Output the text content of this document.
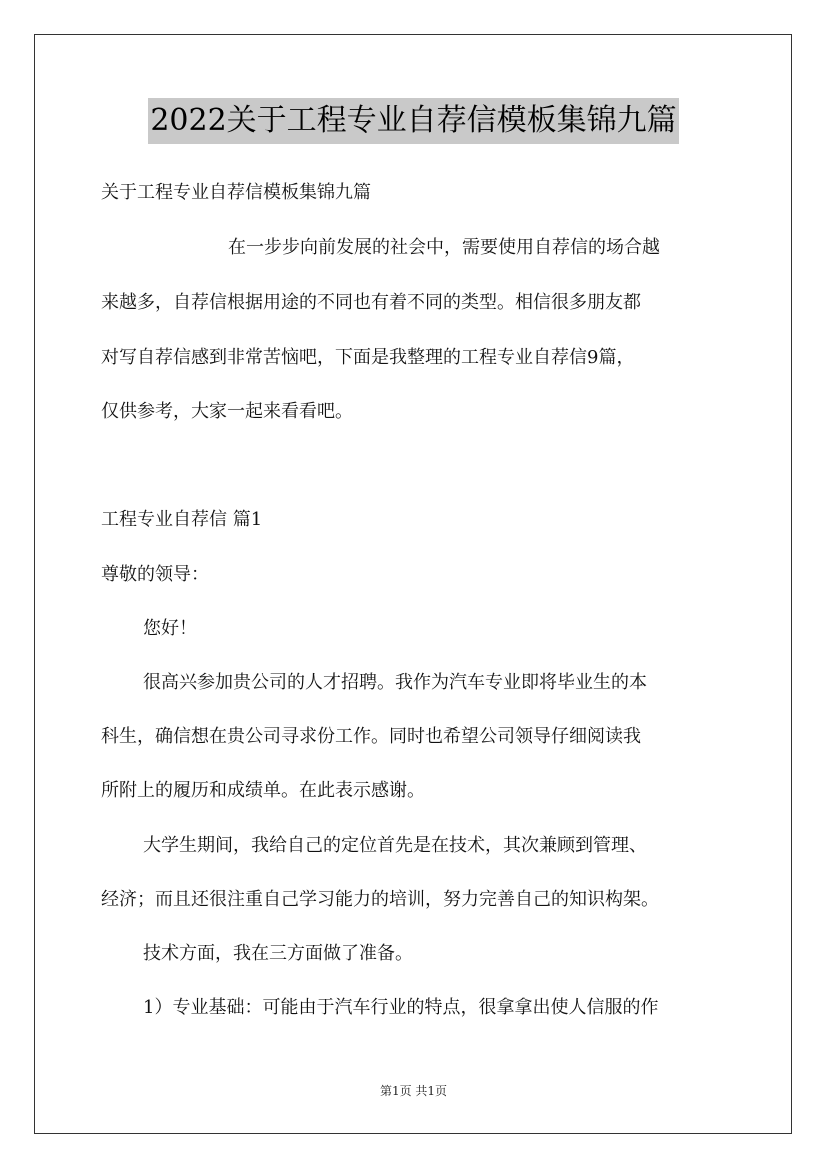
2022关于工程专业自荐信模板集锦九篇
关于工程专业自荐信模板集锦九篇
在一步步向前发展的社会中，需要使用自荐信的场合越
来越多，自荐信根据用途的不同也有着不同的类型。相信很多朋友都
对写自荐信感到非常苦恼吧，下面是我整理的工程专业自荐信9篇，
仅供参考，大家一起来看看吧。
工程专业自荐信 篇1
尊敬的领导：
您好！
很高兴参加贵公司的人才招聘。我作为汽车专业即将毕业生的本
科生，确信想在贵公司寻求份工作。同时也希望公司领导仔细阅读我
所附上的履历和成绩单。在此表示感谢。
大学生期间，我给自己的定位首先是在技术，其次兼顾到管理、
经济；而且还很注重自己学习能力的培训，努力完善自己的知识构架。
技术方面，我在三方面做了准备。
1）专业基础：可能由于汽车行业的特点，很拿拿出使人信服的作
第1页 共1页
